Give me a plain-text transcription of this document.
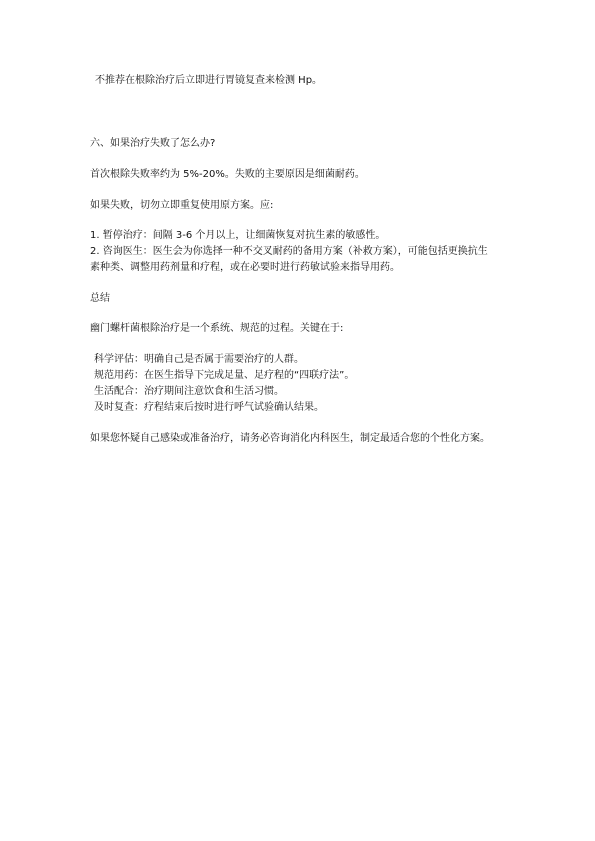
不推荐在根除治疗后立即进行胃镜复查来检测 Hp。
六、如果治疗失败了怎么办?
首次根除失败率约为 5%-20%。失败的主要原因是细菌耐药。
如果失败，切勿立即重复使用原方案。应:
1. 暂停治疗：间隔 3-6 个月以上，让细菌恢复对抗生素的敏感性。
2. 咨询医生：医生会为你选择一种不交叉耐药的备用方案（补救方案），可能包括更换抗生
素种类、调整用药剂量和疗程，或在必要时进行药敏试验来指导用药。
总结
幽门螺杆菌根除治疗是一个系统、规范的过程。关键在于:
科学评估：明确自己是否属于需要治疗的人群。
规范用药：在医生指导下完成足量、足疗程的“四联疗法”。
生活配合：治疗期间注意饮食和生活习惯。
及时复查：疗程结束后按时进行呼气试验确认结果。
如果您怀疑自己感染或准备治疗，请务必咨询消化内科医生，制定最适合您的个性化方案。
